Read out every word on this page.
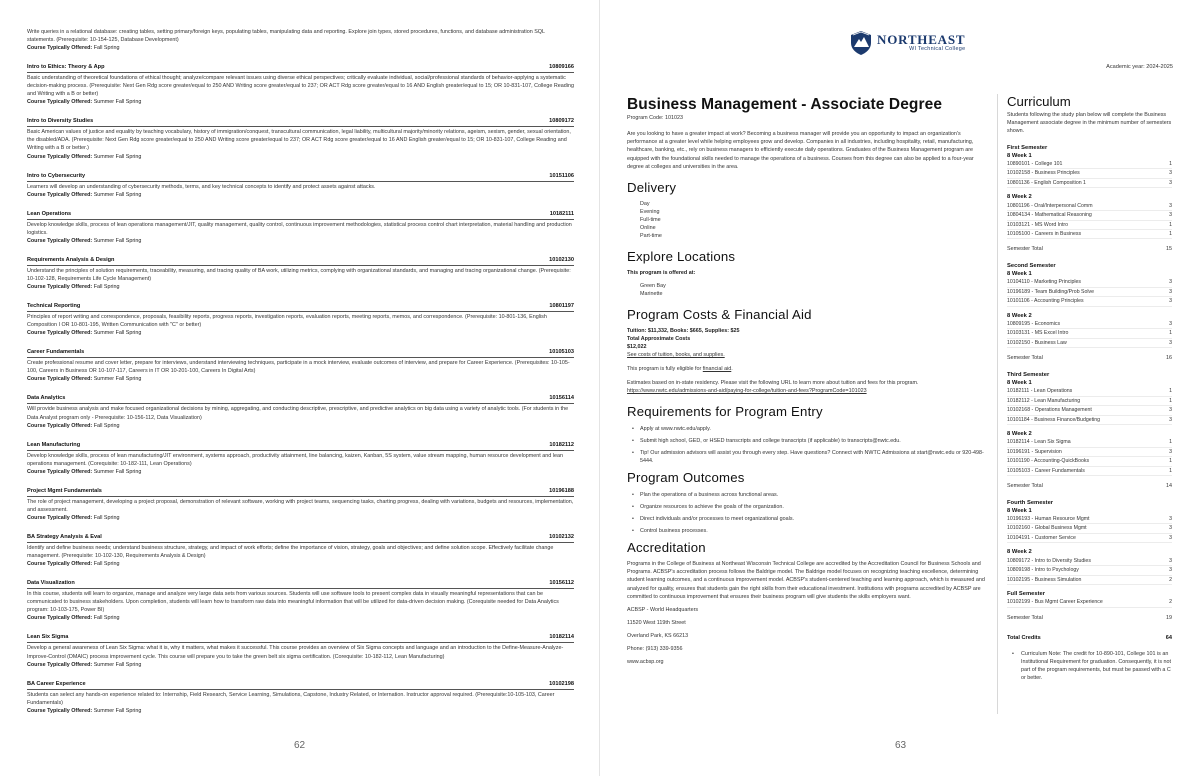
Write queries in a relational database: creating tables, setting primary/foreign keys, populating tables, manipulating data and reporting. Explore join types, stored procedures, functions, and database administration SQL statements. (Prerequisite: 10-154-125, Database Development)
Course Typically Offered: Fall Spring
Intro to Ethics: Theory & App	10809166
Basic understanding of theoretical foundations of ethical thought; analyze/compare relevant issues using diverse ethical perspectives; critically evaluate individual, social/professional standards of behavior-applying a systematic decision-making process. (Prerequisite: Next Gen Rdg score greater/equal to 250 AND Writing score greater/equal to 237; OR ACT Rdg score greater/equal to 16 AND English greater/equal to 15; OR 10-831-107, College Reading and Writing with a B or better)
Course Typically Offered: Summer Fall Spring
Intro to Diversity Studies	10809172
Basic American values of justice and equality by teaching vocabulary, history of immigration/conquest, transcultural communication, legal liability, multicultural majority/minority relations, ageism, sexism, gender, sexual orientation, the disabled/ADA. (Prerequisite: Next Gen Rdg score greater/equal to 250 AND Writing score greater/equal to 237; OR ACT Rdg score greater/equal to 16 AND English greater/equal to 15; OR 10-831-107, College Reading and Writing with a B or better.)
Course Typically Offered: Summer Fall Spring
Intro to Cybersecurity	10151106
Learners will develop an understanding of cybersecurity methods, terms, and key technical concepts to identify and protect assets against attacks.
Course Typically Offered: Summer Fall Spring
Lean Operations	10182111
Develop knowledge skills, process of lean operations management/JIT, quality management, quality control, continuous improvement methodologies, statistical process control chart interpretation, material handling and production logistics.
Course Typically Offered: Summer Fall Spring
Requirements Analysis & Design	10102130
Understand the principles of solution requirements, traceability, measuring, and tracing quality of BA work, utilizing metrics, complying with organizational standards, and managing and tracing organizational change. (Prerequisite: 10-102-128, Requirements Life Cycle Management)
Course Typically Offered: Fall Spring
Technical Reporting	10801197
Principles of report writing and correspondence, proposals, feasibility reports, progress reports, investigation reports, evaluation reports, meeting reports, memos, and correspondence. (Prerequisite: 10-801-136, English Composition I OR 10-801-195, Written Communication with "C" or better)
Course Typically Offered: Summer Fall Spring
Career Fundamentals	10105103
Create professional resume and cover letter, prepare for interviews, understand interviewing techniques, participate in a mock interview, evaluate outcomes of interview, and prepare for Career Experience. (Prerequisites: 10-105-100, Careers in Business OR 10-107-117, Careers in IT OR 10-201-100, Careers In Digital Arts)
Course Typically Offered: Summer Fall Spring
Data Analytics	10156114
Will provide business analysis and make focused organizational decisions by mining, aggregating, and conducting descriptive, prescriptive, and predictive analytics on big data using a variety of analytic tools. (For students in the Data Analyst program only - Prerequisite: 10-156-112, Data Visualization)
Course Typically Offered: Fall Spring
Lean Manufacturing	10182112
Develop knowledge skills, process of lean manufacturing/JIT environment, systems approach, productivity attainment, line balancing, kaizen, Kanban, 5S system, value stream mapping, human resource development and lean operations management. (Corequisite: 10-182-111, Lean Operations)
Course Typically Offered: Summer Fall Spring
Project Mgmt Fundamentals	10196188
The role of project management, developing a project proposal, demonstration of relevant software, working with project teams, sequencing tasks, charting progress, dealing with variations, budgets and resources, implementation, and assessment.
Course Typically Offered: Fall Spring
BA Strategy Analysis & Eval	10102132
Identify and define business needs; understand business structure, strategy, and impact of work efforts; define the importance of vision, strategy, goals and objectives; and define solution scope. Effectively facilitate change management. (Prerequisite: 10-102-130, Requirements Analysis & Design)
Course Typically Offered: Fall Spring
Data Visualization	10156112
In this course, students will learn to organize, manage and analyze very large data sets from various sources. Students will use software tools to present complex data in visually meaningful representations that can be communicated to business stakeholders. Upon completion, students will learn how to transform raw data into meaningful information that will be utilized for data-driven decision making. (Corequisite needed for Data Analytics program: 10-103-175, Power BI)
Course Typically Offered: Fall Spring
Lean Six Sigma	10182114
Develop a general awareness of Lean Six Sigma: what it is, why it matters, what makes it successful. This course provides an overview of Six Sigma concepts and language and an introduction to the Define-Measure-Analyze-Improve-Control (DMAIC) process improvement cycle. This course will prepare you to take the green belt six sigma certification. (Corequisite: 10-182-112, Lean Manufacturing)
Course Typically Offered: Summer Fall Spring
BA Career Experience	10102198
Students can select any hands-on experience related to: Internship, Field Research, Service Learning, Simulations, Capstone, Industry Related, or Internation. Instructor approval required. (Prerequisite:10-105-103, Career Fundamentals)
Course Typically Offered: Summer Fall Spring
62
NORTHEAST
WI Technical College
Academic year: 2024-2025
Business Management - Associate Degree
Program Code: 101023
Are you looking to have a greater impact at work? Becoming a business manager will provide you an opportunity to impact an organization's performance at a greater level while helping employees grow and develop. Companies in all industries, including hospitality, retail, manufacturing, healthcare, banking, etc., rely on business managers to efficiently execute daily operations. Graduates of the Business Management program are equipped with the foundational skills needed to manage the operations of a business. Courses from this degree can also be applied to a four-year degree at colleges and universities in the area.
Delivery
Day
Evening
Full-time
Online
Part-time
Explore Locations
This program is offered at:
Green Bay
Marinette
Program Costs & Financial Aid
Tuition: $11,332, Books: $665, Supplies: $25
Total Approximate Costs
$12,022
See costs of tuition, books, and supplies.
This program is fully eligible for financial aid.
Estimates based on in-state residency. Please visit the following URL to learn more about tuition and fees for this program.
https://www.nwtc.edu/admissions-and-aid/paying-for-college/tuition-and-fees?ProgramCode=101023
Requirements for Program Entry
• Apply at www.nwtc.edu/apply.
• Submit high school, GED, or HSED transcripts and college transcripts (if applicable) to transcripts@nwtc.edu.
• Tip! Our admission advisors will assist you through every step. Have questions? Connect with NWTC Admissions at start@nwtc.edu or 920-498-5444.
Program Outcomes
• Plan the operations of a business across functional areas.
• Organize resources to achieve the goals of the organization.
• Direct individuals and/or processes to meet organizational goals.
• Control business processes.
Accreditation
Programs in the College of Business at Northeast Wisconsin Technical College are accredited by the Accreditation Council for Business Schools and Programs. ACBSP's accreditation process follows the Baldrige model. The Baldrige model focuses on recognizing teaching excellence, determining student learning outcomes, and a continuous improvement model. ACBSP's student-centered teaching and learning approach, which is measured and analyzed for quality, ensures that students gain the right skills from their educational investment. Institutions with programs accredited by ACBSP are committed to continuous improvement that ensures their business program will give students the skills employers want.
ACBSP - World Headquarters
11520 West 119th Street
Overland Park, KS 66213
Phone: (913) 339-9356
www.acbsp.org
Curriculum
Students following the study plan below will complete the Business Management associate degree in the minimum number of semesters shown.
First Semester
8 Week 1
10890101 - College 101	1
10102158 - Business Principles	3
10801136 - English Composition 1	3
8 Week 2
10801196 - Oral/Interpersonal Comm	3
10804134 - Mathematical Reasoning	3
10103121 - MS Word Intro	1
10105100 - Careers in Business	1
Semester Total	15
Second Semester
8 Week 1
10104110 - Marketing Principles	3
10196189 - Team Building/Prob Solve	3
10101106 - Accounting Principles	3
8 Week 2
10809195 - Economics	3
10103131 - MS Excel Intro	1
10102150 - Business Law	3
Semester Total	16
Third Semester
8 Week 1
10182111 - Lean Operations	1
10182112 - Lean Manufacturing	1
10102168 - Operations Management	3
10101184 - Business Finance/Budgeting	3
8 Week 2
10182114 - Lean Six Sigma	1
10196191 - Supervision	3
10101190 - Accounting-QuickBooks	1
10105103 - Career Fundamentals	1
Semester Total	14
Fourth Semester
8 Week 1
10196193 - Human Resource Mgmt	3
10102160 - Global Business Mgmt	3
10104191 - Customer Service	3
8 Week 2
10809172 - Intro to Diversity Studies	3
10809198 - Intro to Psychology	3
10102195 - Business Simulation	2
Full Semester
10102199 - Bus Mgmt Career Experience	2
Semester Total	19
Total Credits	64
• Curriculum Note: The credit for 10-890-101, College 101 is an Institutional Requirement for graduation. Consequently, it is not part of the program requirements, but must be passed with a C or better.
63
